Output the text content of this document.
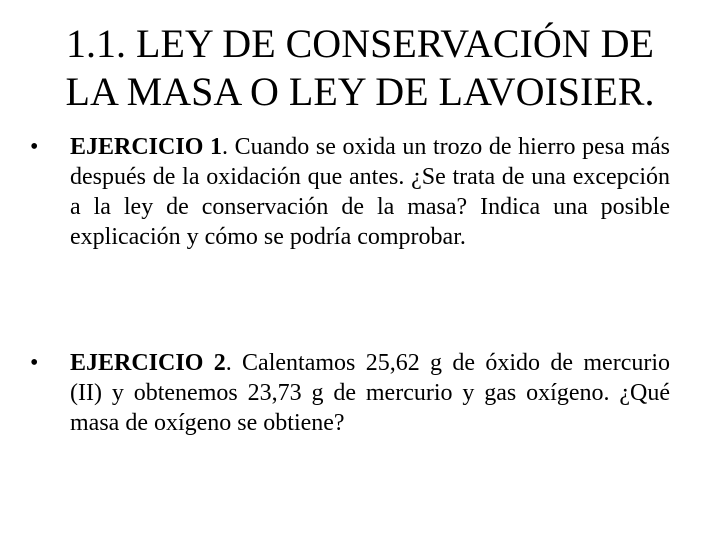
1.1. LEY DE CONSERVACIÓN DE
LA MASA O LEY DE LAVOISIER.
•	EJERCICIO 1. Cuando se oxida un trozo de hierro pesa más después de la oxidación que antes. ¿Se trata de una excepción a la ley de conservación de la masa? Indica una posible explicación y cómo se podría comprobar.
•	EJERCICIO 2. Calentamos 25,62 g de óxido de mercurio (II) y obtenemos 23,73 g de mercurio y gas oxígeno. ¿Qué masa de oxígeno se obtiene?
